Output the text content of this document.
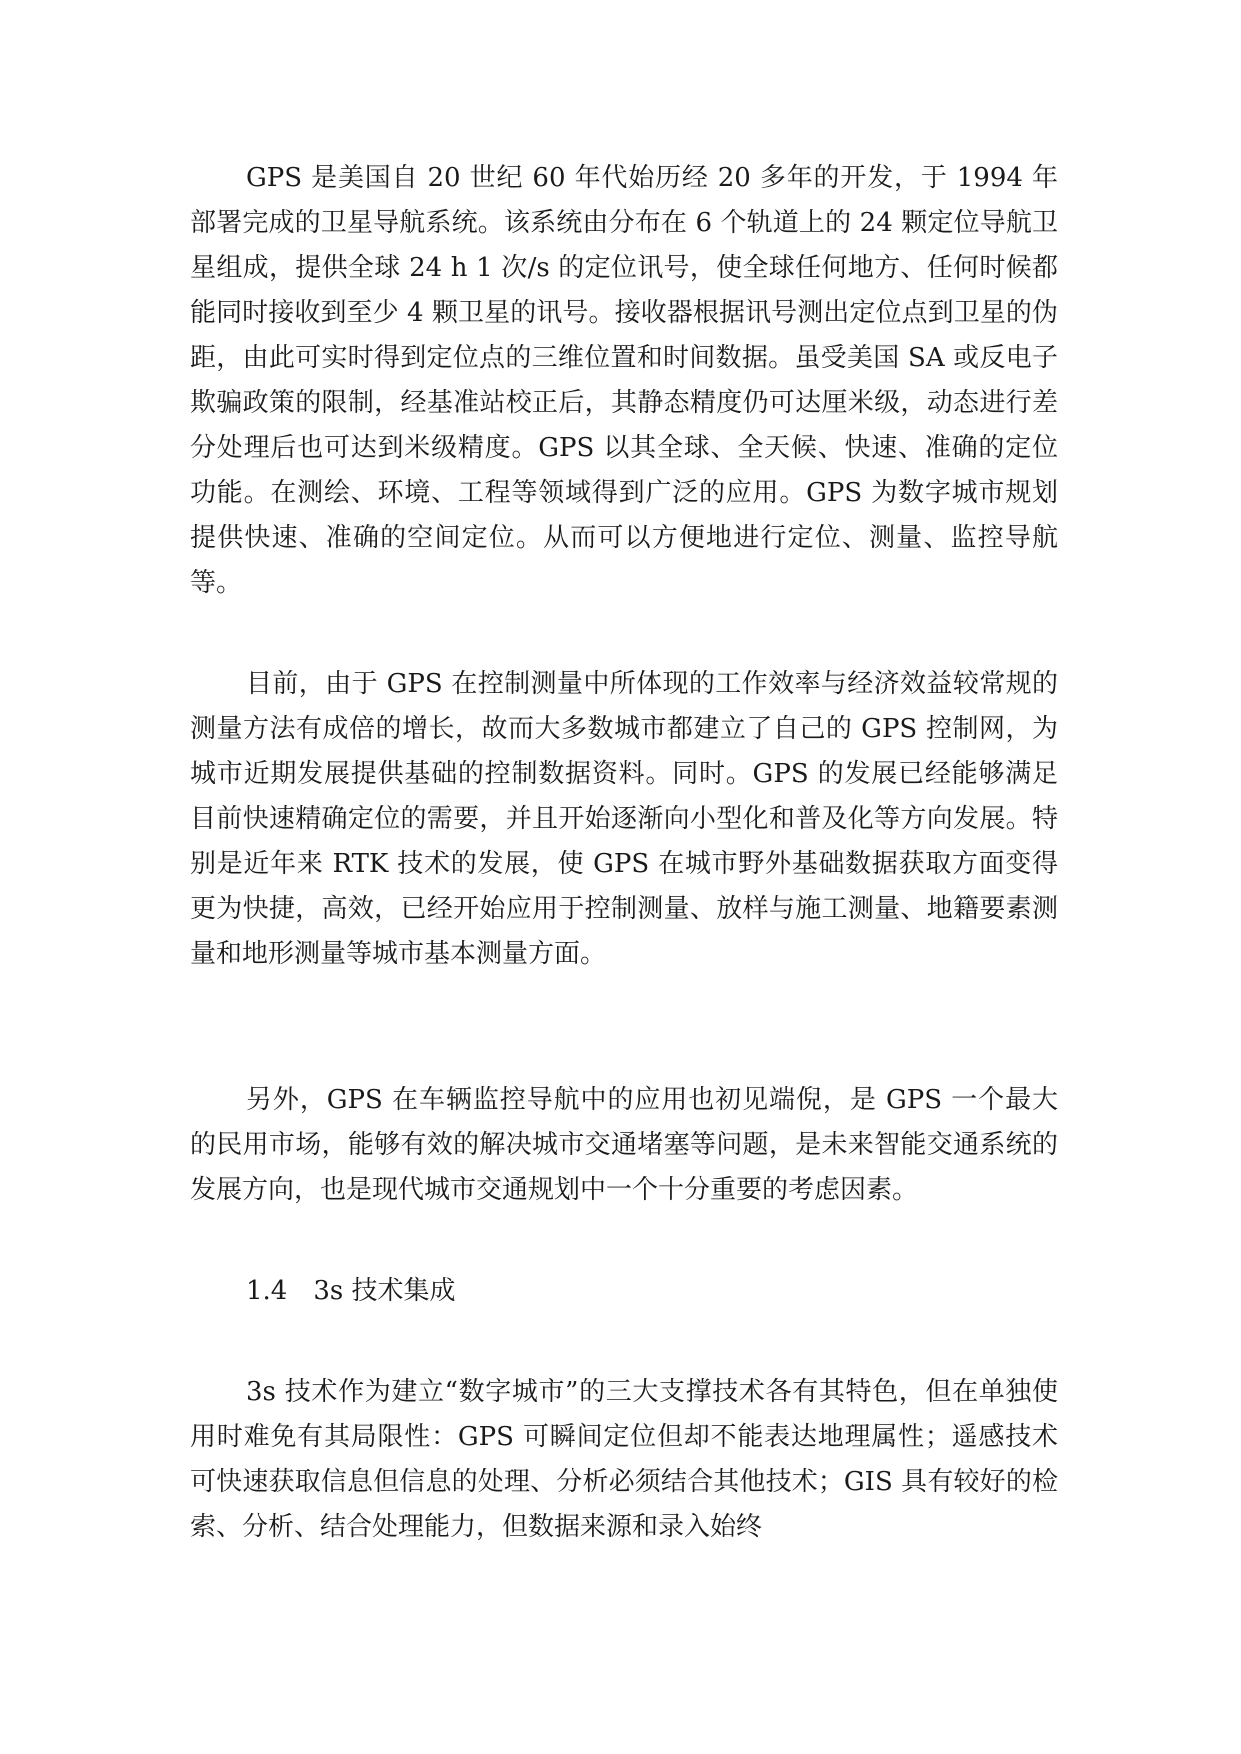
GPS 是美国自 20 世纪 60 年代始历经 20 多年的开发，于 1994 年部署完成的卫星导航系统。该系统由分布在 6 个轨道上的 24 颗定位导航卫星组成，提供全球 24 h 1 次/s 的定位讯号，使全球任何地方、任何时候都能同时接收到至少 4 颗卫星的讯号。接收器根据讯号测出定位点到卫星的伪距，由此可实时得到定位点的三维位置和时间数据。虽受美国 SA 或反电子欺骗政策的限制，经基准站校正后，其静态精度仍可达厘米级，动态进行差分处理后也可达到米级精度。GPS 以其全球、全天候、快速、准确的定位功能。在测绘、环境、工程等领域得到广泛的应用。GPS 为数字城市规划提供快速、准确的空间定位。从而可以方便地进行定位、测量、监控导航等。

目前，由于 GPS 在控制测量中所体现的工作效率与经济效益较常规的测量方法有成倍的增长，故而大多数城市都建立了自己的 GPS 控制网，为城市近期发展提供基础的控制数据资料。同时。GPS 的发展已经能够满足目前快速精确定位的需要，并且开始逐渐向小型化和普及化等方向发展。特别是近年来 RTK 技术的发展，使 GPS 在城市野外基础数据获取方面变得更为快捷，高效，已经开始应用于控制测量、放样与施工测量、地籍要素测量和地形测量等城市基本测量方面。

另外，GPS 在车辆监控导航中的应用也初见端倪，是 GPS 一个最大的民用市场，能够有效的解决城市交通堵塞等问题，是未来智能交通系统的发展方向，也是现代城市交通规划中一个十分重要的考虑因素。

1.4　3s 技术集成

3s 技术作为建立“数字城市”的三大支撑技术各有其特色，但在单独使用时难免有其局限性：GPS 可瞬间定位但却不能表达地理属性；遥感技术可快速获取信息但信息的处理、分析必须结合其他技术；GIS 具有较好的检索、分析、结合处理能力，但数据来源和录入始终
